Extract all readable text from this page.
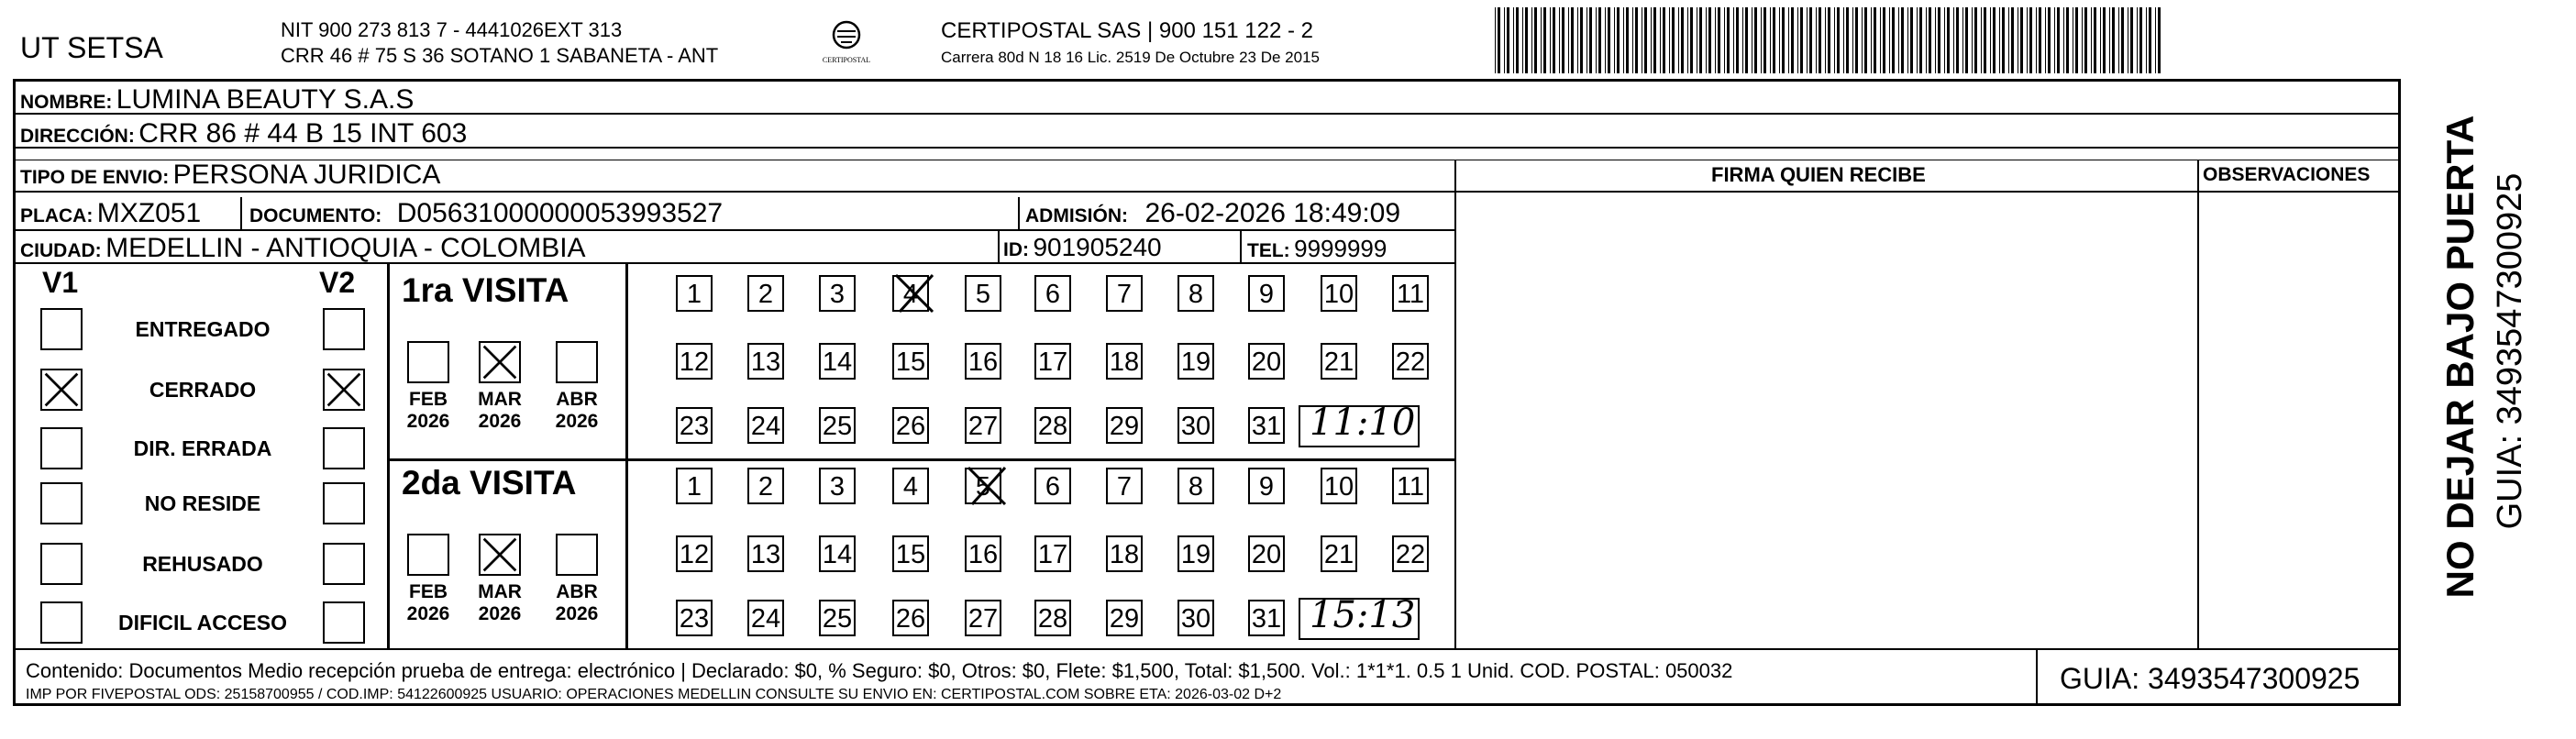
UT SETSA
NIT 900 273 813 7 - 4441026EXT 313
CRR 46 # 75 S 36 SOTANO 1 SABANETA - ANT	CERTIPOSTAL
CERTIPOSTAL SAS | 900 151 122 - 2
Carrera 80d N 18 16 Lic. 2519 De Octubre 23 De 2015
NOMBRE: LUMINA BEAUTY S.A.S
DIRECCIÓN: CRR 86 # 44 B 15 INT 603
TIPO DE ENVIO: PERSONA JURIDICA	FIRMA QUIEN RECIBE	OBSERVACIONES
PLACA: MXZ051	DOCUMENTO: D05631000000053993527	ADMISIÓN: 26-02-2026 18:49:09
CIUDAD: MEDELLIN - ANTIOQUIA - COLOMBIA	ID: 901905240	TEL: 9999999
V1	V2
ENTREGADO
CERRADO
DIR. ERRADA
NO RESIDE
REHUSADO
DIFICIL ACCESO
1ra VISITA
FEB
2026
MAR
2026
ABR
2026
1	2	3	4	5	6	7	8	9	10 11
12 13 14 15 16 17 18 19 20 21 22
23 24 25 26 27 28 29 30 31 11:10
2da VISITA
FEB
2026
MAR
2026
ABR
2026
1	2	3	4	5	6	7	8	9	10 11
12 13 14 15 16 17 18 19 20 21 22
23 24 25 26 27 28 29 30 31 15:13
Contenido: Documentos Medio recepción prueba de entrega: electrónico | Declarado: $0, % Seguro: $0, Otros: $0, Flete: $1,500, Total: $1,500. Vol.: 1*1*1. 0.5 1 Unid. COD. POSTAL: 050032
IMP POR FIVEPOSTAL ODS: 25158700955 / COD.IMP: 54122600925 USUARIO: OPERACIONES MEDELLIN CONSULTE SU ENVIO EN: CERTIPOSTAL.COM SOBRE ETA: 2026-03-02 D+2	GUIA: 3493547300925
NO DEJAR BAJO PUERTA GUIA: 3493547300925
